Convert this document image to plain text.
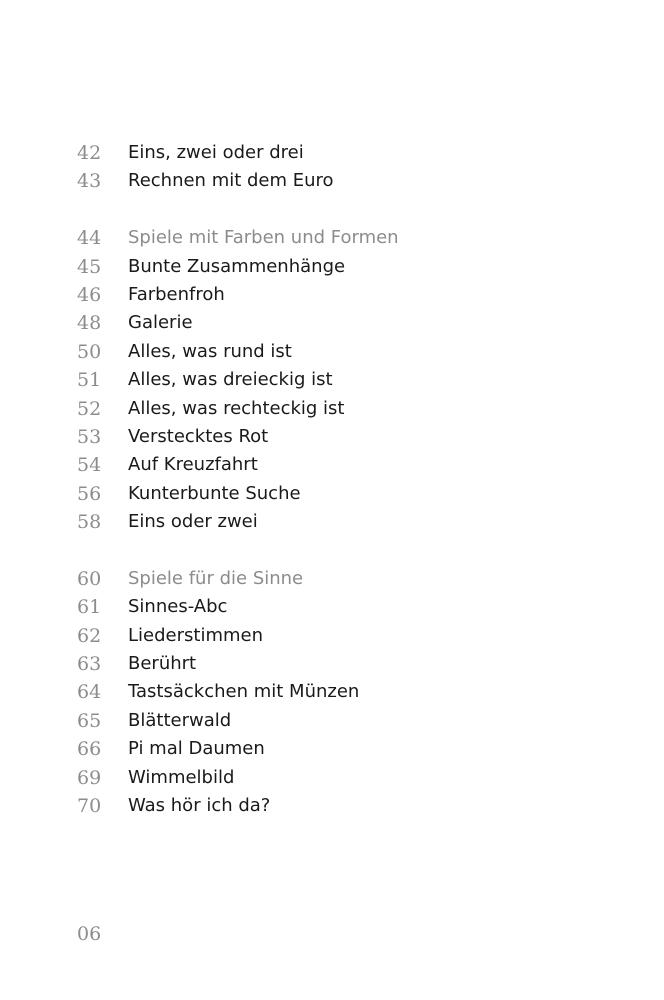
42	Eins, zwei oder drei
43	Rechnen mit dem Euro
44	Spiele mit Farben und Formen
45	Bunte Zusammenhänge
46	Farbenfroh
48	Galerie
50	Alles, was rund ist
51	Alles, was dreieckig ist
52	Alles, was rechteckig ist
53	Verstecktes Rot
54	Auf Kreuzfahrt
56	Kunterbunte Suche
58	Eins oder zwei
60	Spiele für die Sinne
61	Sinnes-Abc
62	Liederstimmen
63	Berührt
64	Tastsäckchen mit Münzen
65	Blätterwald
66	Pi mal Daumen
69	Wimmelbild
70	Was hör ich da?
06
